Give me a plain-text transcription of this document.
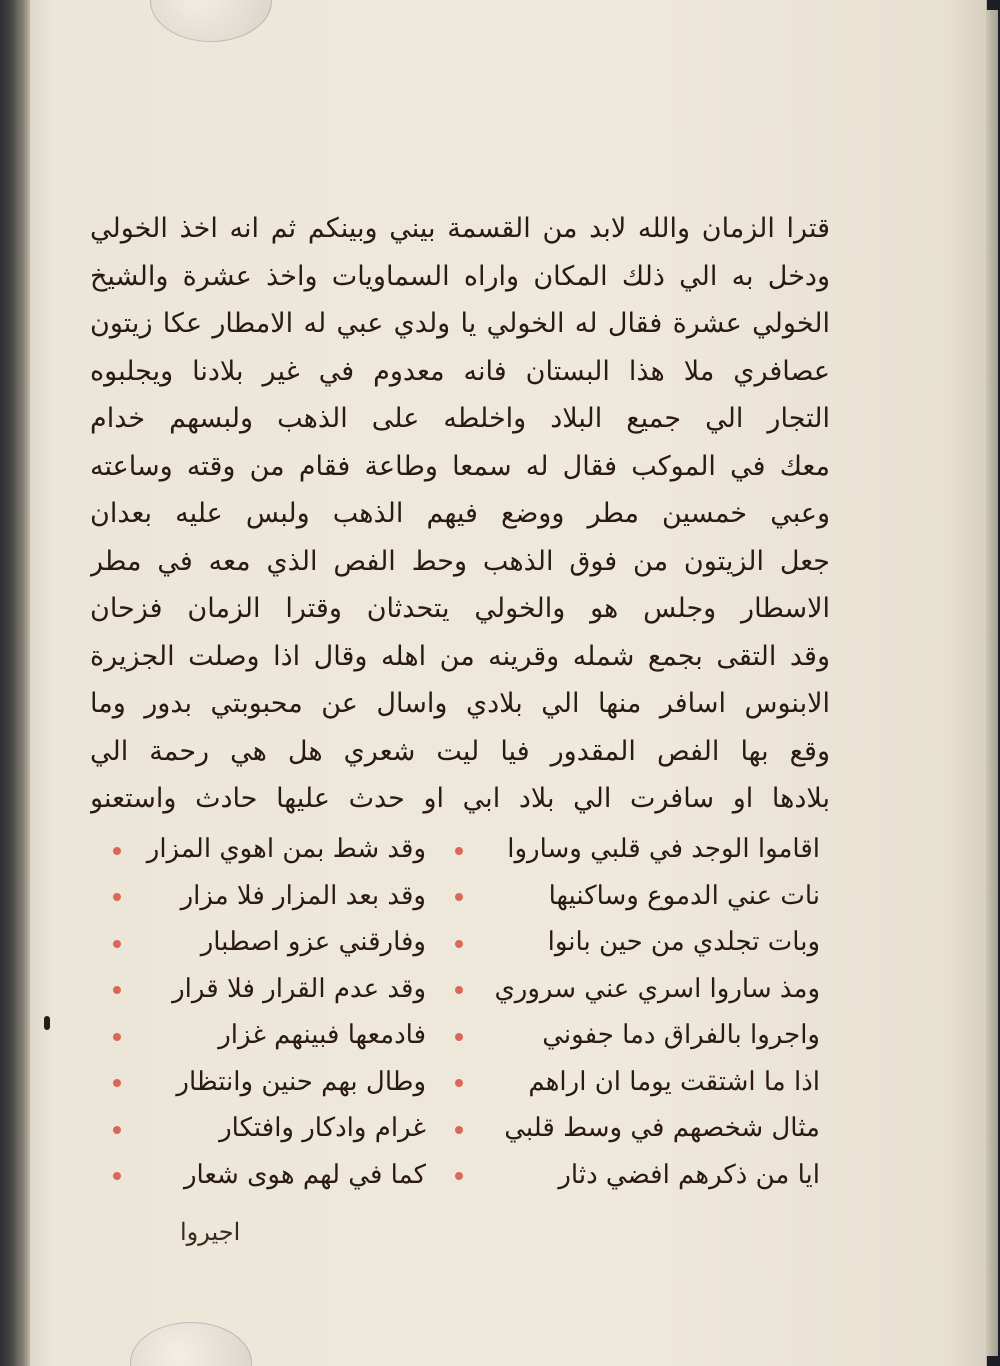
قترا الزمان والله لابد من القسمة بيني وبينكم ثم انه اخذ الخولي
ودخل به الي ذلك المكان واراه السماويات واخذ عشرة والشيخ
الخولي عشرة فقال له الخولي يا ولدي عبي له الامطار عكا زيتون
عصافري ملا هذا البستان فانه معدوم في غير بلادنا ويجلبوه
التجار الي جميع البلاد واخلطه على الذهب ولبسهم خدام
معك في الموكب فقال له سمعا وطاعة فقام من وقته وساعته
وعبي خمسين مطر ووضع فيهم الذهب ولبس عليه بعدان
جعل الزيتون من فوق الذهب وحط الفص الذي معه في مطر
الاسطار وجلس هو والخولي يتحدثان وقترا الزمان فزحان
وقد التقى بجمع شمله وقرينه من اهله وقال اذا وصلت الجزيرة
الابنوس اسافر منها الي بلادي واسال عن محبوبتي بدور وما
وقع بها الفص المقدور فيا ليت شعري هل هي رحمة الي
بلادها او سافرت الي بلاد ابي او حدث عليها حادث واستعنو
اقاموا الوجد في قلبي وساروا
وقد شط بمن اهوي المزار
نات عني الدموع وساكنيها
وقد بعد المزار فلا مزار
وبات تجلدي من حين بانوا
وفارقني عزو اصطبار
ومذ ساروا اسري عني سروري
وقد عدم القرار فلا قرار
واجروا بالفراق دما جفوني
فادمعها فبينهم غزار
اذا ما اشتقت يوما ان اراهم
وطال بهم حنين وانتظار
مثال شخصهم في وسط قلبي
غرام وادكار وافتكار
ايا من ذكرهم افضي دثار
كما في لهم هوى شعار
اجيروا
